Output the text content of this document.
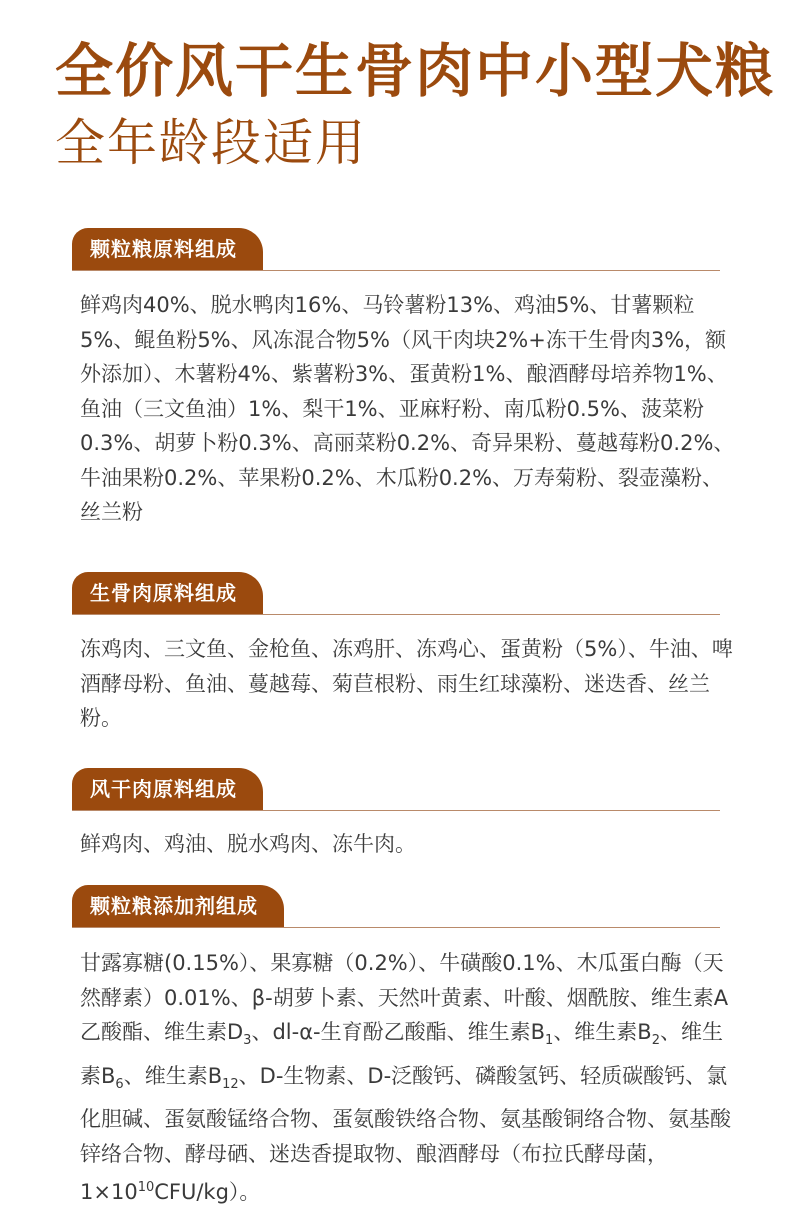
全价风干生骨肉中小型犬粮
全年龄段适用
颗粒粮原料组成

鲜鸡肉40%、脱水鸭肉16%、马铃薯粉13%、鸡油5%、甘薯颗粒5%、鲲鱼粉5%、风冻混合物5%（风干肉块2%+冻干生骨肉3%，额外添加）、木薯粉4%、紫薯粉3%、蛋黄粉1%、酿酒酵母培养物1%、鱼油（三文鱼油）1%、梨干1%、亚麻籽粉、南瓜粉0.5%、菠菜粉0.3%、胡萝卜粉0.3%、高丽菜粉0.2%、奇异果粉、蔓越莓粉0.2%、牛油果粉0.2%、苹果粉0.2%、木瓜粉0.2%、万寿菊粉、裂壶藻粉、丝兰粉

生骨肉原料组成

冻鸡肉、三文鱼、金枪鱼、冻鸡肝、冻鸡心、蛋黄粉（5%）、牛油、啤酒酵母粉、鱼油、蔓越莓、菊苣根粉、雨生红球藻粉、迷迭香、丝兰粉。

风干肉原料组成

鲜鸡肉、鸡油、脱水鸡肉、冻牛肉。

颗粒粮添加剂组成

甘露寡糖(0.15%）、果寡糖（0.2%）、牛磺酸0.1%、木瓜蛋白酶（天然酵素）0.01%、β-胡萝卜素、天然叶黄素、叶酸、烟酰胺、维生素A乙酸酯、维生素$D_3$、dl-α-生育酚乙酸酯、维生素$B_1$、维生素$B_2$、维生素$B_6$、维生素$B_{12}$、D-生物素、D-泛酸钙、磷酸氢钙、轻质碳酸钙、氯化胆碱、蛋氨酸锰络合物、蛋氨酸铁络合物、氨基酸铜络合物、氨基酸锌络合物、酵母硒、迷迭香提取物、酿酒酵母（布拉氏酵母菌，$1\times 10^{10}CFU/kg$）。
